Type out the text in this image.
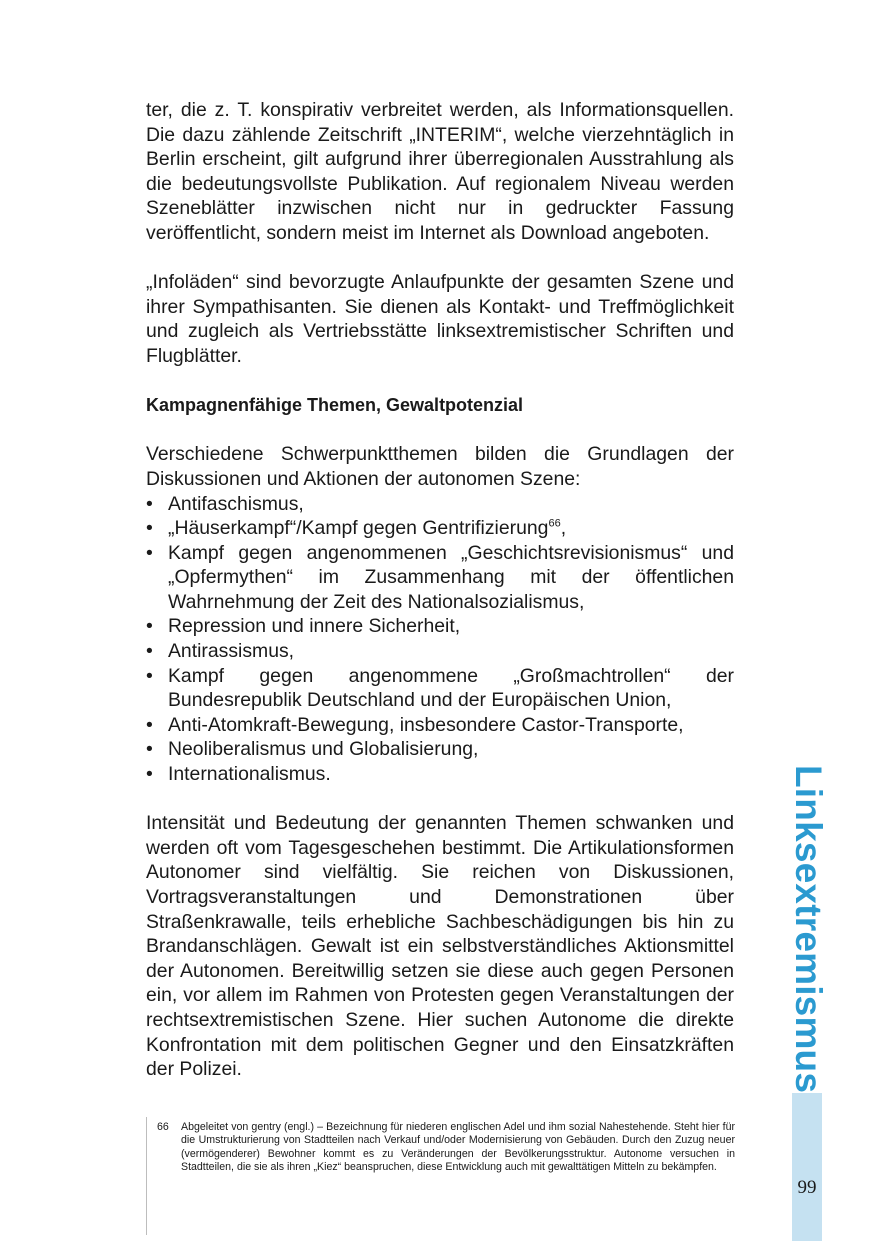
ter, die z. T. konspirativ verbreitet werden, als Informationsquellen. Die dazu zählende Zeitschrift „INTERIM“, welche vierzehntäglich in Berlin erscheint, gilt aufgrund ihrer überregionalen Ausstrahlung als die bedeutungsvollste Publikation. Auf regionalem Niveau werden Szeneblätter inzwischen nicht nur in gedruckter Fassung veröffentlicht, sondern meist im Internet als Download angeboten.

„Infoläden“ sind bevorzugte Anlaufpunkte der gesamten Szene und ihrer Sympathisanten. Sie dienen als Kontakt- und Treffmöglichkeit und zugleich als Vertriebsstätte linksextremistischer Schriften und Flugblätter.

Kampagnenfähige Themen, Gewaltpotenzial

Verschiedene Schwerpunktthemen bilden die Grundlagen der Diskussionen und Aktionen der autonomen Szene:

• Antifaschismus,
• „Häuserkampf“/Kampf gegen Gentrifizierung$^{66}$,
• Kampf gegen angenommenen „Geschichtsrevisionismus“ und „Opfermythen“ im Zusammenhang mit der öffentlichen Wahrnehmung der Zeit des Nationalsozialismus,
• Repression und innere Sicherheit,
• Antirassismus,
• Kampf gegen angenommene „Großmachtrollen“ der Bundesrepublik Deutschland und der Europäischen Union,
• Anti-Atomkraft-Bewegung, insbesondere Castor-Transporte,
• Neoliberalismus und Globalisierung,
• Internationalismus.

Intensität und Bedeutung der genannten Themen schwanken und werden oft vom Tagesgeschehen bestimmt. Die Artikulationsformen Autonomer sind vielfältig. Sie reichen von Diskussionen, Vortragsveranstaltungen und Demonstrationen über Straßenkrawalle, teils erhebliche Sachbeschädigungen bis hin zu Brandanschlägen. Gewalt ist ein selbstverständliches Aktionsmittel der Autonomen. Bereitwillig setzen sie diese auch gegen Personen ein, vor allem im Rahmen von Protesten gegen Veranstaltungen der rechtsextremistischen Szene. Hier suchen Autonome die direkte Konfrontation mit dem politischen Gegner und den Einsatzkräften der Polizei.

66 Abgeleitet von gentry (engl.) – Bezeichnung für niederen englischen Adel und ihm sozial Nahestehende. Steht hier für die Umstrukturierung von Stadtteilen nach Verkauf und/oder Modernisierung von Gebäuden. Durch den Zuzug neuer (vermögenderer) Bewohner kommt es zu Veränderungen der Bevölkerungsstruktur. Autonome versuchen in Stadtteilen, die sie als ihren „Kiez“ beanspruchen, diese Entwicklung auch mit gewalttätigen Mitteln zu bekämpfen.
Linksextremismus
99
